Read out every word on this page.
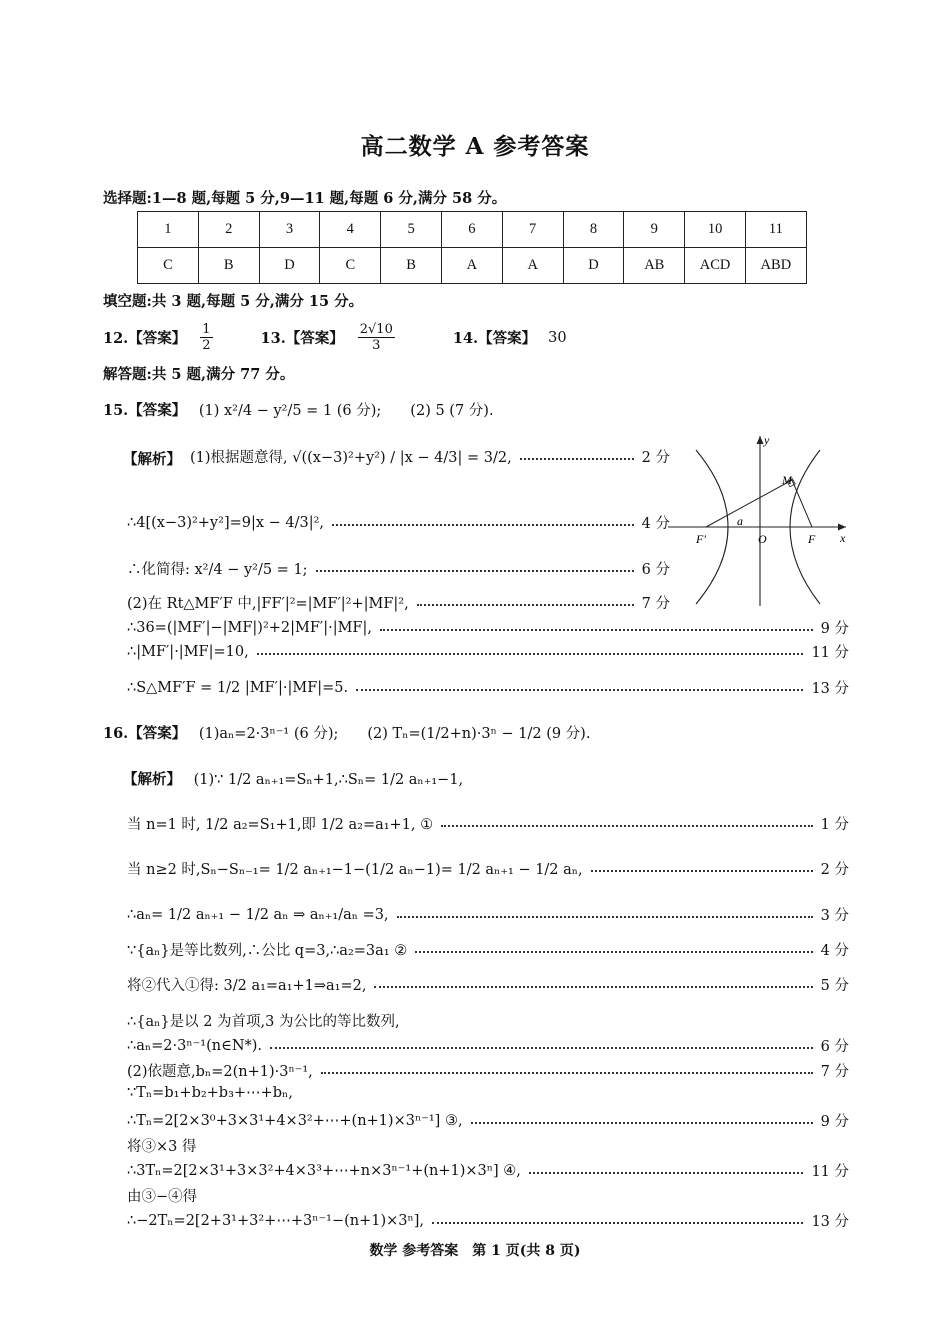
高二数学 A 参考答案
选择题:1—8 题,每题 5 分,9—11 题,每题 6 分,满分 58 分。
1	2	3	4	5	6	7	8	9	10	11
C	B	D	C	B	A	A	D	AB	ACD	ABD
填空题:共 3 题,每题 5 分,满分 15 分。
12.【答案】 $\frac{1}{2}$	13.【答案】 $\frac{2√10}{3}$	14.【答案】 30
解答题:共 5 题,满分 77 分。
15.【答案】 (1) x²/4 − y²/5 = 1 (6 分);　　(2) 5 (7 分).
【解析】 (1)根据题意得, √((x−3)²+y²) / |x − 4/3| = 3/2,	2 分
∴4[(x−3)²+y²]=9|x − 4/3|²,	4 分
∴化简得: x²/4 − y²/5 = 1;	6 分
(2)在 Rt△MF′F 中,|FF′|²=|MF′|²+|MF|²,	7 分
∴36=(|MF′|−|MF|)²+2|MF′|·|MF|,	9 分
∴|MF′|·|MF|=10,	11 分
∴S△MF′F = 1/2 |MF′|·|MF|=5.	13 分
y
x
M
a
F′	O	F
16.【答案】 (1)aₙ=2·3ⁿ⁻¹ (6 分);　　(2) Tₙ=(1/2+n)·3ⁿ − 1/2 (9 分).
【解析】 (1)∵ 1/2 aₙ₊₁=Sₙ+1,∴Sₙ= 1/2 aₙ₊₁−1,
当 n=1 时, 1/2 a₂=S₁+1,即 1/2 a₂=a₁+1, ①	1 分
当 n≥2 时,Sₙ−Sₙ₋₁= 1/2 aₙ₊₁−1−(1/2 aₙ−1)= 1/2 aₙ₊₁ − 1/2 aₙ,	2 分
∴aₙ= 1/2 aₙ₊₁ − 1/2 aₙ ⇒ aₙ₊₁/aₙ =3,	3 分
∵{aₙ}是等比数列,∴公比 q=3,∴a₂=3a₁ ②	4 分
将②代入①得: 3/2 a₁=a₁+1⇒a₁=2,	5 分
∴{aₙ}是以 2 为首项,3 为公比的等比数列,
∴aₙ=2·3ⁿ⁻¹(n∈N*).	6 分
(2)依题意,bₙ=2(n+1)·3ⁿ⁻¹,	7 分
∵Tₙ=b₁+b₂+b₃+⋯+bₙ,
∴Tₙ=2[2×3⁰+3×3¹+4×3²+⋯+(n+1)×3ⁿ⁻¹] ③,	9 分
将③×3 得
∴3Tₙ=2[2×3¹+3×3²+4×3³+⋯+n×3ⁿ⁻¹+(n+1)×3ⁿ] ④,	11 分
由③−④得
∴−2Tₙ=2[2+3¹+3²+⋯+3ⁿ⁻¹−(n+1)×3ⁿ],	13 分
数学 参考答案　第 1 页(共 8 页)
